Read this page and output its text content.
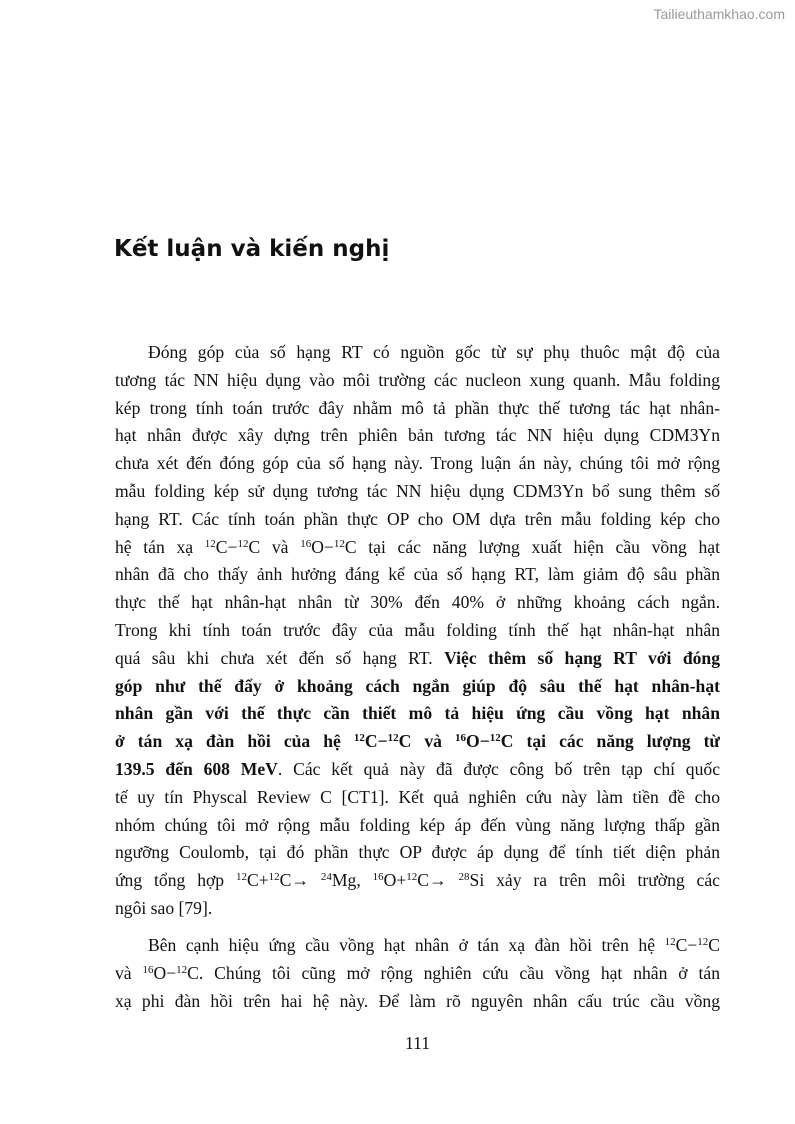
Tailieuthamkhao.com
Kết luận và kiến nghị
Đóng góp của số hạng RT có nguồn gốc từ sự phụ thuôc mật độ của
tương tác NN hiệu dụng vào môi trường các nucleon xung quanh. Mẫu folding
kép trong tính toán trước đây nhằm mô tả phần thực thế tương tác hạt nhân-
hạt nhân được xây dựng trên phiên bản tương tác NN hiệu dụng CDM3Yn
chưa xét đến đóng góp của số hạng này. Trong luận án này, chúng tôi mở rộng
mẫu folding kép sử dụng tương tác NN hiệu dụng CDM3Yn bổ sung thêm số
hạng RT. Các tính toán phần thực OP cho OM dựa trên mẫu folding kép cho
hệ tán xạ $^{12}$C−$^{12}$C và $^{16}$O−$^{12}$C tại các năng lượng xuất hiện cầu vồng hạt
nhân đã cho thấy ảnh hưởng đáng kể của số hạng RT, làm giảm độ sâu phần
thực thế hạt nhân-hạt nhân từ 30% đến 40% ở những khoảng cách ngắn.
Trong khi tính toán trước đây của mẫu folding tính thế hạt nhân-hạt nhân
quá sâu khi chưa xét đến số hạng RT. Việc thêm số hạng RT với đóng
góp như thế đẩy ở khoảng cách ngắn giúp độ sâu thế hạt nhân-hạt
nhân gần với thế thực cần thiết mô tả hiệu ứng cầu vồng hạt nhân
ở tán xạ đàn hồi của hệ $^{12}$C−$^{12}$C và $^{16}$O−$^{12}$C tại các năng lượng từ
139.5 đến 608 MeV. Các kết quả này đã được công bố trên tạp chí quốc
tế uy tín Physcal Review C [CT1]. Kết quả nghiên cứu này làm tiền đề cho
nhóm chúng tôi mở rộng mẫu folding kép áp đến vùng năng lượng thấp gần
ngưỡng Coulomb, tại đó phần thực OP được áp dụng để tính tiết diện phản
ứng tổng hợp $^{12}$C+$^{12}$C→ $^{24}$Mg, $^{16}$O+$^{12}$C→ $^{28}$Si xảy ra trên môi trường các
ngôi sao [79].
Bên cạnh hiệu ứng cầu vồng hạt nhân ở tán xạ đàn hồi trên hệ $^{12}$C−$^{12}$C
và $^{16}$O−$^{12}$C. Chúng tôi cũng mở rộng nghiên cứu cầu vồng hạt nhân ở tán
xạ phi đàn hồi trên hai hệ này. Để làm rõ nguyên nhân cấu trúc cầu vồng
111
